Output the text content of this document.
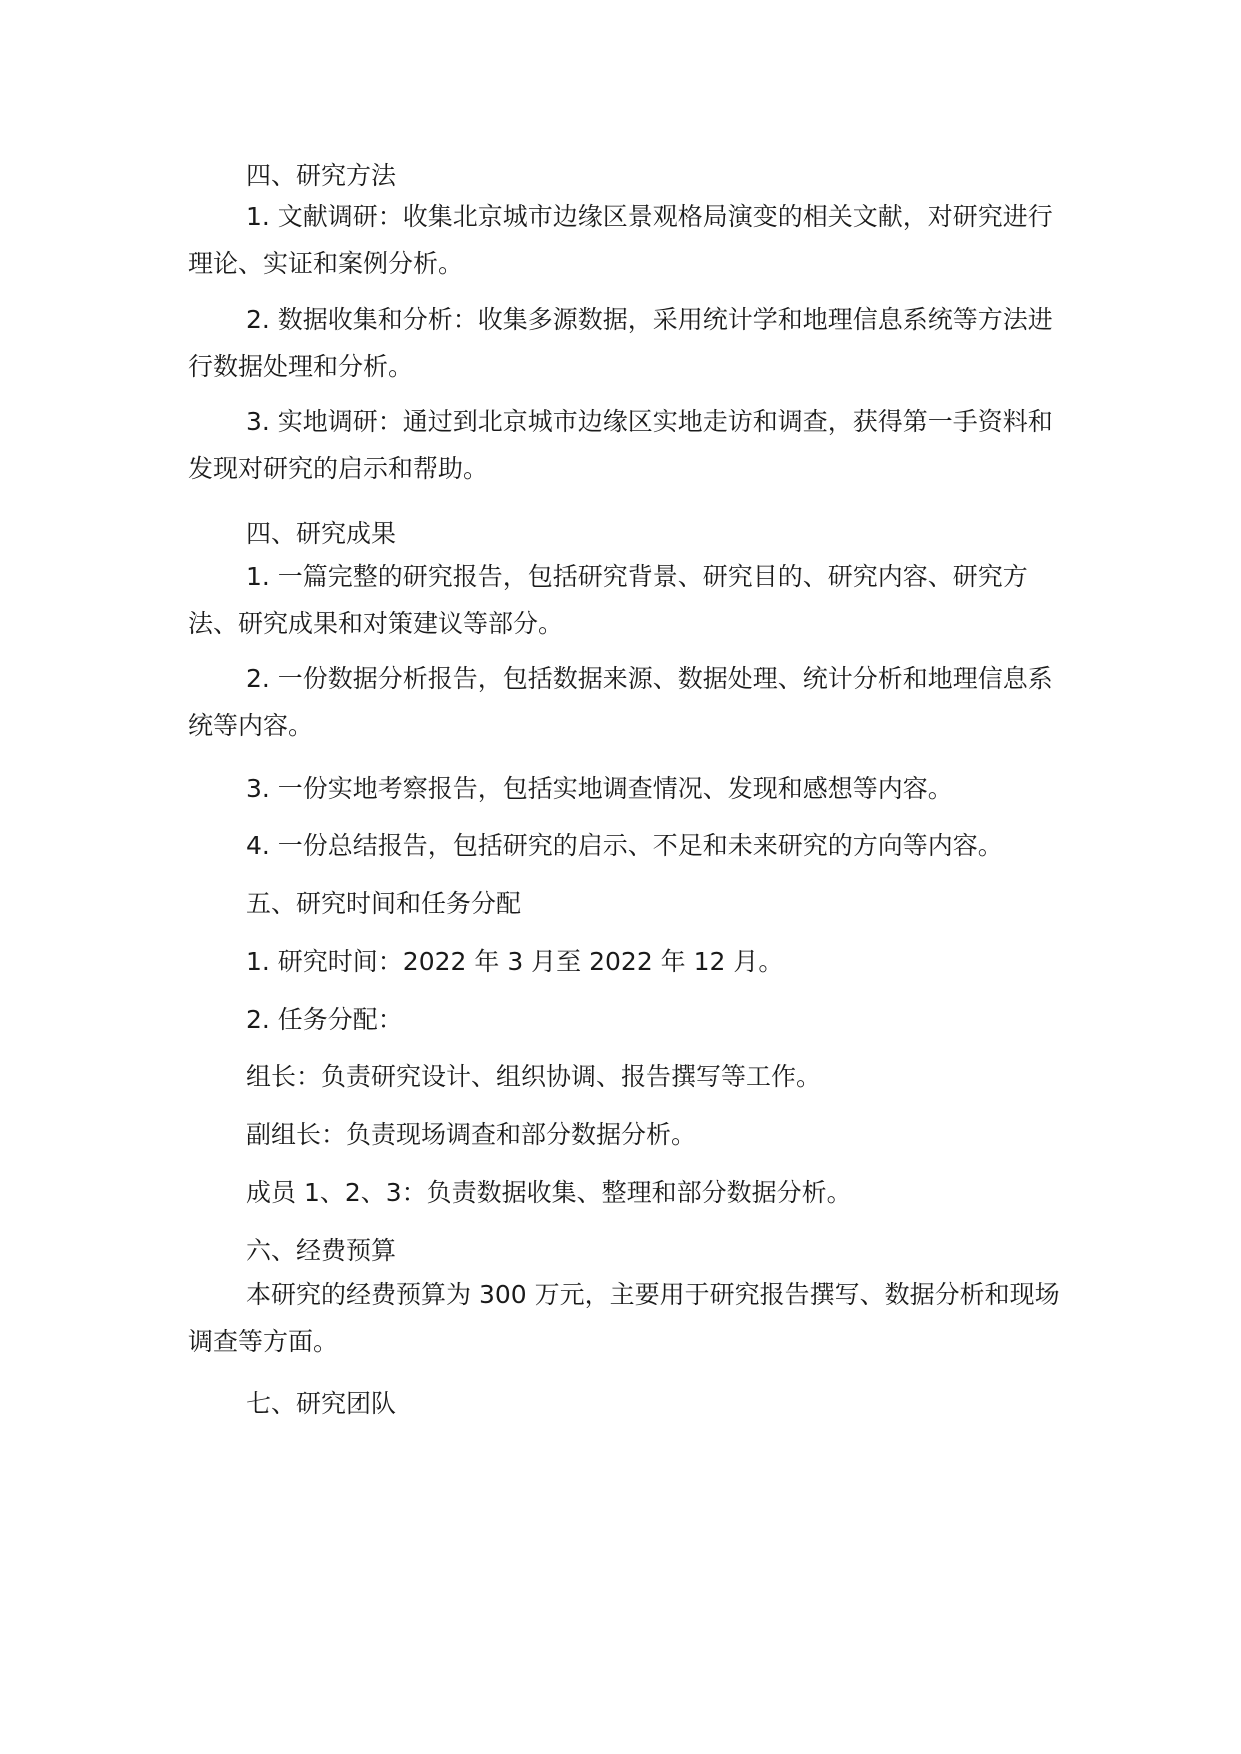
四、研究方法

1. 文献调研：收集北京城市边缘区景观格局演变的相关文献，对研究进行理论、实证和案例分析。

2. 数据收集和分析：收集多源数据，采用统计学和地理信息系统等方法进行数据处理和分析。

3. 实地调研：通过到北京城市边缘区实地走访和调查，获得第一手资料和发现对研究的启示和帮助。

四、研究成果

1. 一篇完整的研究报告，包括研究背景、研究目的、研究内容、研究方法、研究成果和对策建议等部分。

2. 一份数据分析报告，包括数据来源、数据处理、统计分析和地理信息系统等内容。

3. 一份实地考察报告，包括实地调查情况、发现和感想等内容。

4. 一份总结报告，包括研究的启示、不足和未来研究的方向等内容。

五、研究时间和任务分配

1. 研究时间：2022 年 3 月至 2022 年 12 月。

2. 任务分配：

组长：负责研究设计、组织协调、报告撰写等工作。

副组长：负责现场调查和部分数据分析。

成员 1、2、3：负责数据收集、整理和部分数据分析。

六、经费预算

本研究的经费预算为 300 万元，主要用于研究报告撰写、数据分析和现场调查等方面。

七、研究团队
